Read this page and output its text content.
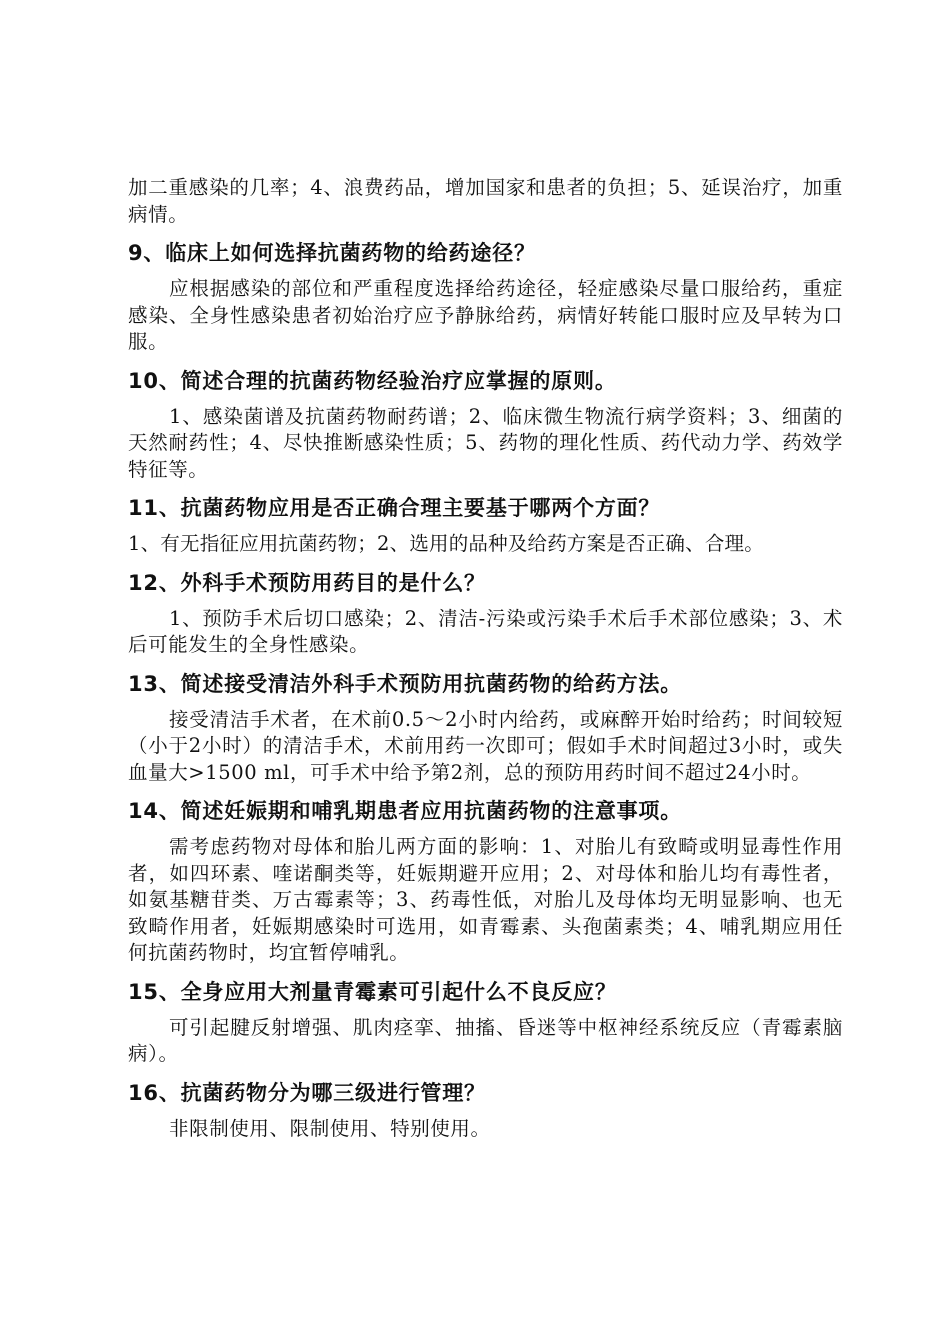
加二重感染的几率；4、浪费药品，增加国家和患者的负担；5、延误治疗，加重病情。

9、临床上如何选择抗菌药物的给药途径？

应根据感染的部位和严重程度选择给药途径，轻症感染尽量口服给药，重症感染、全身性感染患者初始治疗应予静脉给药，病情好转能口服时应及早转为口服。

10、简述合理的抗菌药物经验治疗应掌握的原则。

1、感染菌谱及抗菌药物耐药谱；2、临床微生物流行病学资料；3、细菌的天然耐药性；4、尽快推断感染性质；5、药物的理化性质、药代动力学、药效学特征等。

11、抗菌药物应用是否正确合理主要基于哪两个方面？

1、有无指征应用抗菌药物；2、选用的品种及给药方案是否正确、合理。

12、外科手术预防用药目的是什么？

1、预防手术后切口感染；2、清洁-污染或污染手术后手术部位感染；3、术后可能发生的全身性感染。

13、简述接受清洁外科手术预防用抗菌药物的给药方法。

接受清洁手术者，在术前0.5～2小时内给药，或麻醉开始时给药；时间较短（小于2小时）的清洁手术，术前用药一次即可；假如手术时间超过3小时，或失血量大>1500 ml，可手术中给予第2剂，总的预防用药时间不超过24小时。

14、简述妊娠期和哺乳期患者应用抗菌药物的注意事项。

需考虑药物对母体和胎儿两方面的影响：1、对胎儿有致畸或明显毒性作用者，如四环素、喹诺酮类等，妊娠期避开应用；2、对母体和胎儿均有毒性者，如氨基糖苷类、万古霉素等；3、药毒性低，对胎儿及母体均无明显影响、也无致畸作用者，妊娠期感染时可选用，如青霉素、头孢菌素类；4、哺乳期应用任何抗菌药物时，均宜暂停哺乳。

15、全身应用大剂量青霉素可引起什么不良反应？

可引起腱反射增强、肌肉痉挛、抽搐、昏迷等中枢神经系统反应（青霉素脑病）。

16、抗菌药物分为哪三级进行管理？

非限制使用、限制使用、特别使用。
